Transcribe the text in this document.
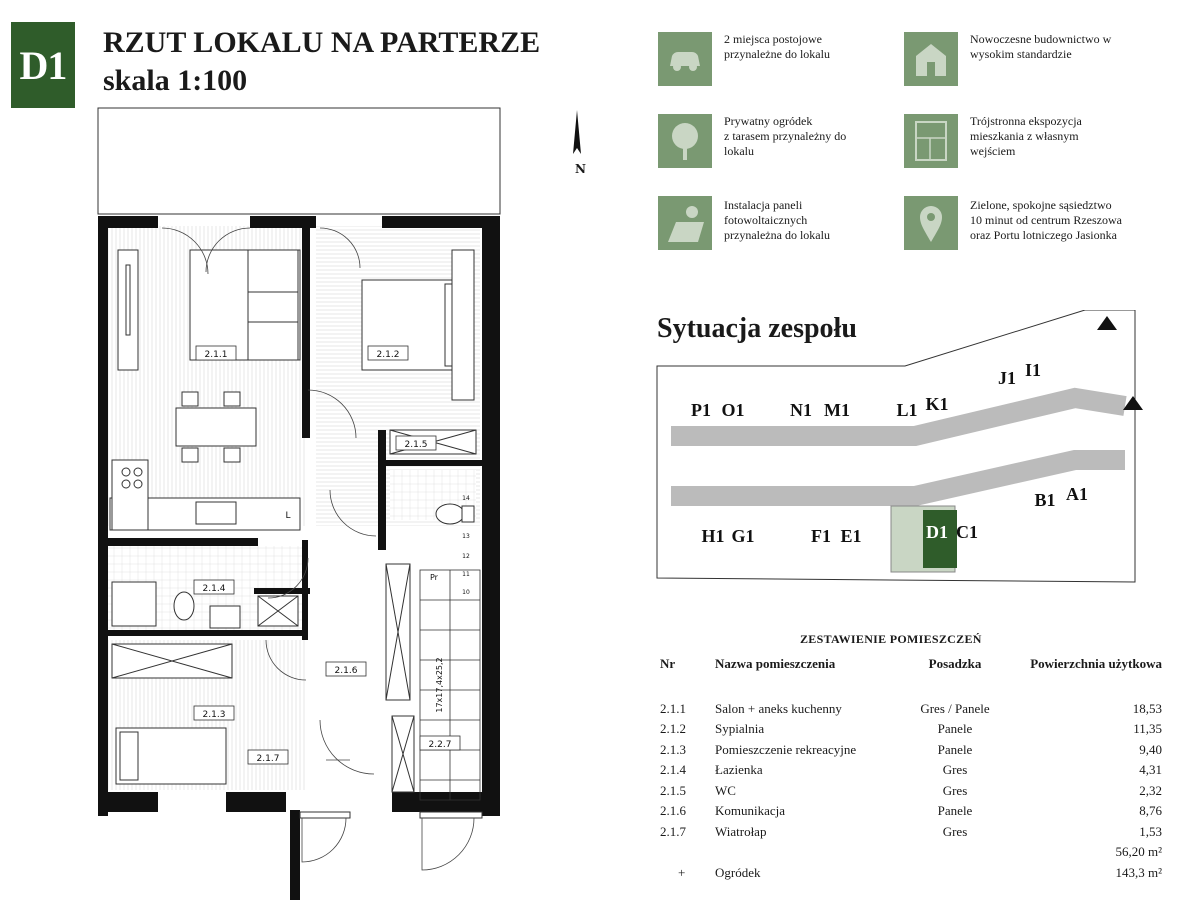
D1 RZUT LOKALU NA PARTERZE
skala 1:100
N
2.1.1	2.1.2
2.1.3
2.1.4
2.1.5
2.1.6
2.1.7
2.2.7
L
Pr
17x17,4x25,2
14
13
12
11
10
2 miejsca postojowe
przynależne do lokalu
Nowoczesne budownictwo w
wysokim standardzie
Prywatny ogródek
z tarasem przynależny do
lokalu
Trójstronna ekspozycja
mieszkania z własnym
wejściem
Instalacja paneli
fotowoltaicznych
przynależna do lokalu
Zielone, spokojne sąsiedztwo
10 minut od centrum Rzeszowa
oraz Portu lotniczego Jasionka
P1 O1	N1 M1	L1 K1
J1 I1
H1 G1	F1 E1	D1 C1
B1 A1
Sytuacja zespołu
ZESTAWIENIE POMIESZCZEŃ
Nr	Nazwa pomieszczenia	Posadzka	Powierzchnia użytkowa
2.1.1 Salon + aneks kuchenny	Gres / Panele	18,53
2.1.2 Sypialnia	Panele	11,35
2.1.3 Pomieszczenie rekreacyjne	Panele	9,40
2.1.4 Łazienka	Gres	4,31
2.1.5 WC	Gres	2,32
2.1.6 Komunikacja	Panele	8,76
2.1.7 Wiatrołap	Gres	1,53
56,20 m²
+ Ogródek	143,3 m²
